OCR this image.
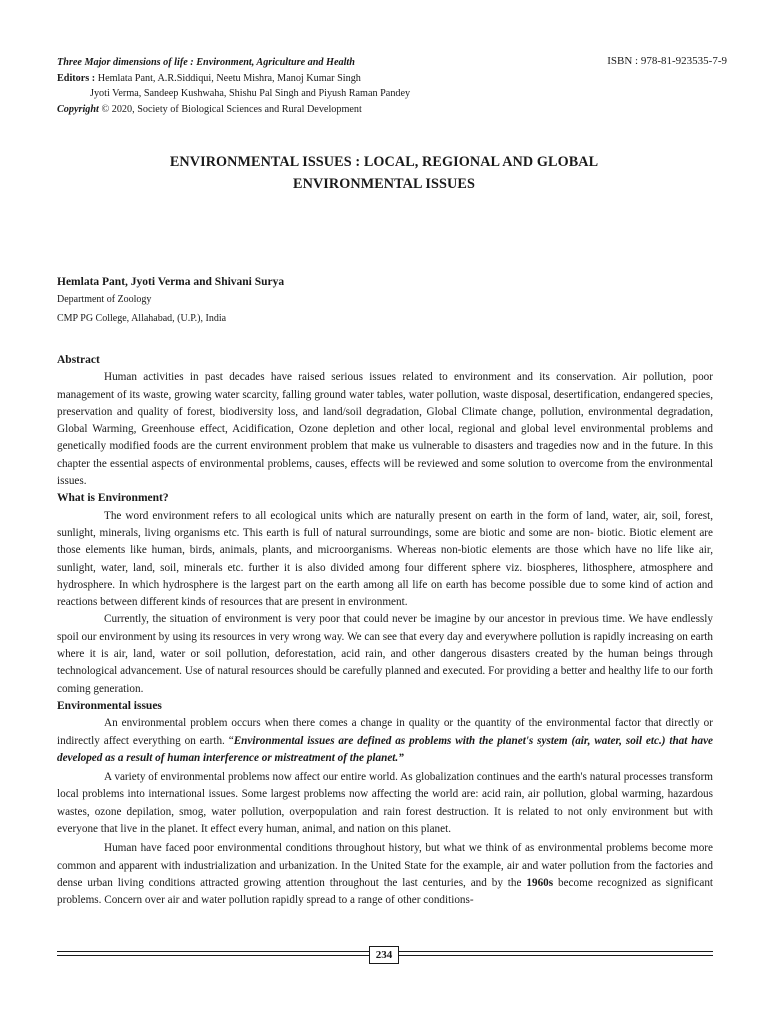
Three Major dimensions of life : Environment, Agriculture and Health
Editors : Hemlata Pant, A.R.Siddiqui, Neetu Mishra, Manoj Kumar Singh
Jyoti Verma, Sandeep Kushwaha, Shishu Pal Singh and Piyush Raman Pandey
Copyright © 2020, Society of Biological Sciences and Rural Development
ISBN : 978-81-923535-7-9
ENVIRONMENTAL ISSUES : LOCAL, REGIONAL AND GLOBAL
ENVIRONMENTAL ISSUES
Hemlata Pant, Jyoti Verma and Shivani Surya
Department of Zoology
CMP PG College, Allahabad, (U.P.), India
Abstract

Human activities in past decades have raised serious issues related to environment and its conservation. Air pollution, poor management of its waste, growing water scarcity, falling ground water tables, water pollution, waste disposal, desertification, endangered species, preservation and quality of forest, biodiversity loss, and land/soil degradation, Global Climate change, pollution, environmental degradation, Global Warming, Greenhouse effect, Acidification, Ozone depletion and other local, regional and global level environmental problems and genetically modified foods are the current environment problem that make us vulnerable to disasters and tragedies now and in the future. In this chapter the essential aspects of environmental problems, causes, effects will be reviewed and some solution to overcome from the environmental issues.

What is Environment?

The word environment refers to all ecological units which are naturally present on earth in the form of land, water, air, soil, forest, sunlight, minerals, living organisms etc. This earth is full of natural surroundings, some are biotic and some are non- biotic. Biotic element are those elements like human, birds, animals, plants, and microorganisms. Whereas non-biotic elements are those which have no life like air, sunlight, water, land, soil, minerals etc. further it is also divided among four different sphere viz. biospheres, lithosphere, atmosphere and hydrosphere. In which hydrosphere is the largest part on the earth among all life on earth has become possible due to some kind of action and reactions between different kinds of resources that are present in environment.

Currently, the situation of environment is very poor that could never be imagine by our ancestor in previous time. We have endlessly spoil our environment by using its resources in very wrong way. We can see that every day and everywhere pollution is rapidly increasing on earth where it is air, land, water or soil pollution, deforestation, acid rain, and other dangerous disasters created by the human beings through technological advancement. Use of natural resources should be carefully planned and executed. For providing a better and healthy life to our forth coming generation.

Environmental issues

An environmental problem occurs when there comes a change in quality or the quantity of the environmental factor that directly or indirectly affect everything on earth. “Environmental issues are defined as problems with the planet's system (air, water, soil etc.) that have developed as a result of human interference or mistreatment of the planet.”

A variety of environmental problems now affect our entire world. As globalization continues and the earth's natural processes transform local problems into international issues. Some largest problems now affecting the world are: acid rain, air pollution, global warming, hazardous wastes, ozone depilation, smog, water pollution, overpopulation and rain forest destruction. It is related to not only environment but with everyone that live in the planet. It effect every human, animal, and nation on this planet.

Human have faced poor environmental conditions throughout history, but what we think of as environmental problems become more common and apparent with industrialization and urbanization. In the United State for the example, air and water pollution from the factories and dense urban living conditions attracted growing attention throughout the last centuries, and by the 1960s become recognized as significant problems. Concern over air and water pollution rapidly spread to a range of other conditions-

234
